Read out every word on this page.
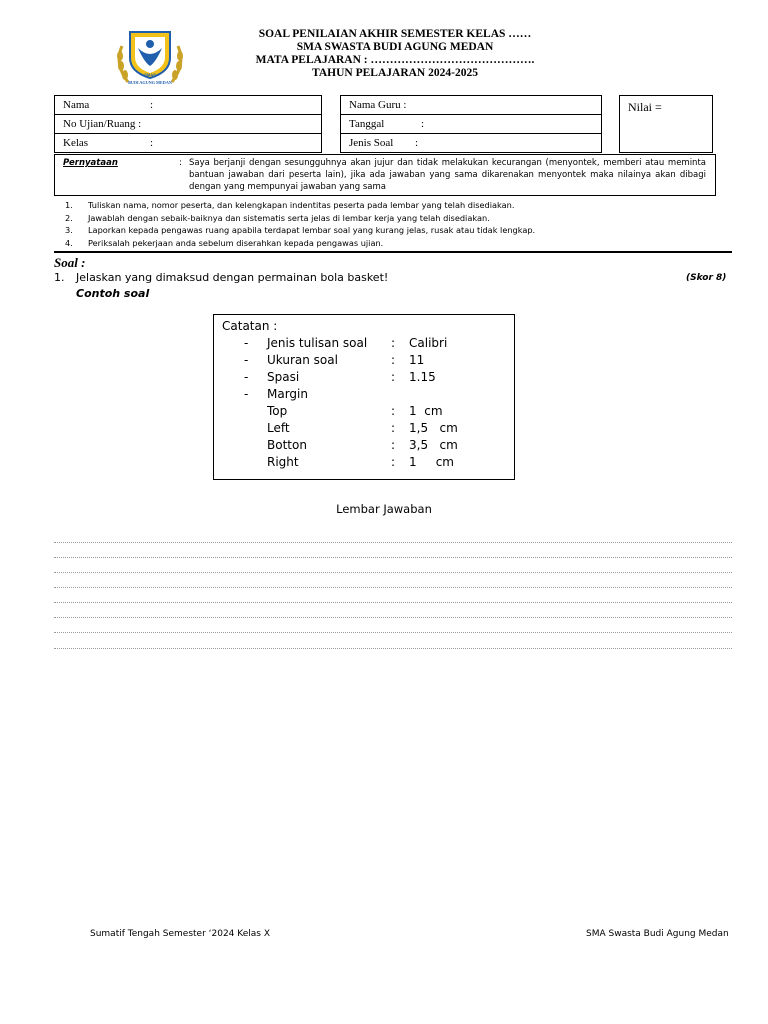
SMAS
BUDI AGUNG MEDAN
SOAL PENILAIAN AKHIR SEMESTER KELAS ……
SMA SWASTA BUDI AGUNG MEDAN
MATA PELAJARAN : …………………………………….
TAHUN PELAJARAN 2024-2025
Nama	:
No Ujian/Ruang :
Kelas	:
Nama Guru :
Tanggal	:
Jenis Soal :
Nilai =
Pernyataan	: Saya berjanji dengan sesungguhnya akan jujur dan tidak melakukan kecurangan (menyontek, memberi atau meminta bantuan jawaban dari peserta lain), jika ada jawaban yang sama dikarenakan menyontek maka nilainya akan dibagi dengan yang mempunyai jawaban yang sama
1. Tuliskan nama, nomor peserta, dan kelengkapan indentitas peserta pada lembar yang telah disediakan.
2. Jawablah dengan sebaik-baiknya dan sistematis serta jelas di lembar kerja yang telah disediakan.
3. Laporkan kepada pengawas ruang apabila terdapat lembar soal yang kurang jelas, rusak atau tidak lengkap.
4. Periksalah pekerjaan anda sebelum diserahkan kepada pengawas ujian.
Soal :
1. Jelaskan yang dimaksud dengan permainan bola basket!	(Skor 8)
Contoh soal
Catatan :
- Jenis tulisan soal : Calibri
- Ukuran soal	: 11
- Spasi	: 1.15
- Margin
Top	: 1  cm
Left	: 1,5   cm
Botton	: 3,5   cm
Right	: 1     cm
Lembar Jawaban
Sumatif Tengah Semester ‘2024 Kelas X	SMA Swasta Budi Agung Medan
